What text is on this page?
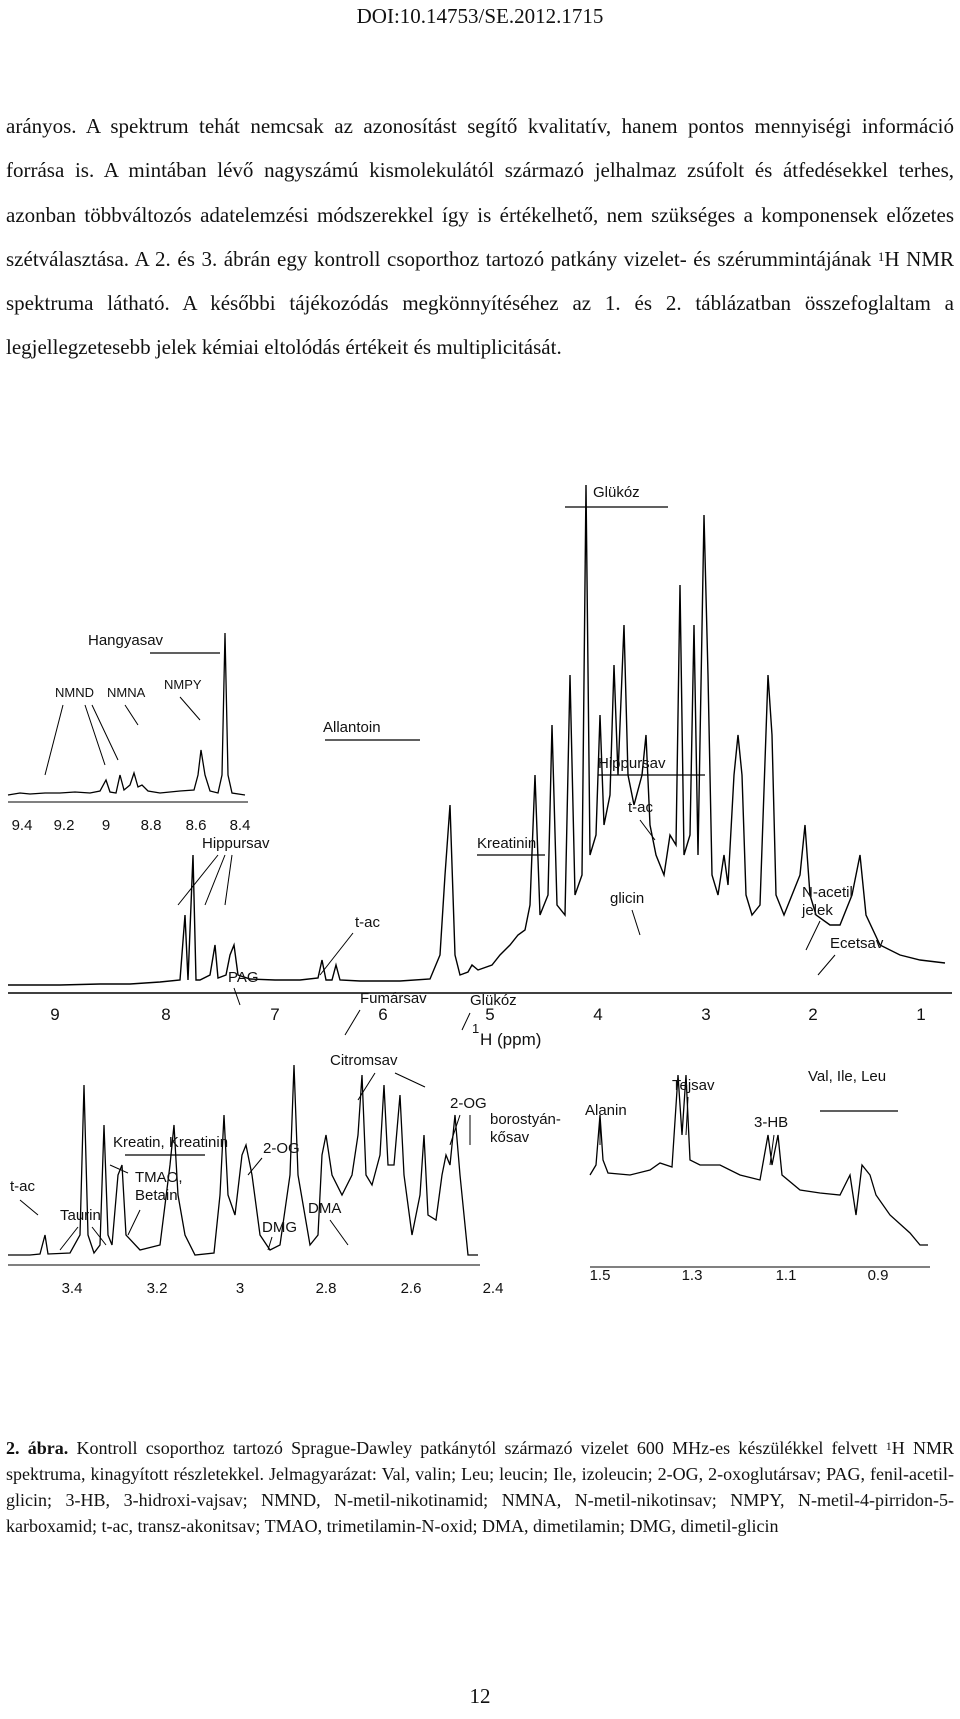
DOI:10.14753/SE.2012.1715

arányos. A spektrum tehát nemcsak az azonosítást segítő kvalitatív, hanem pontos mennyiségi információ forrása is. A mintában lévő nagyszámú kismolekulától származó jelhalmaz zsúfolt és átfedésekkel terhes, azonban többváltozós adatelemzési módszerekkel így is értékelhető, nem szükséges a komponensek előzetes szétválasztása. A 2. és 3. ábrán egy kontroll csoporthoz tartozó patkány vizelet- és szérummintájának $^1$H NMR spektruma látható. A későbbi tájékozódás megkönnyítéséhez az 1. és 2. táblázatban összefoglaltam a legjellegzetesebb jelek kémiai eltolódás értékeit és multiplicitását.

9	8	7	6	5	4	3	2	1
1
H (ppm)
9.4 9.2 9 8.8 8.6 8.4
Glükóz
Hangyasav
NMND NMNA
NMPY
Allantoin
Hippursav
t-ac
Kreatinin
Hippursav
glicin	N-acetil
jelek
t-ac
Ecetsav
PAG
Fumársav	Glükóz
3.4	3.2	3	2.8	2.6	2.4
Citromsav
2-OG
borostyán-
kősav
Kreatin, Kreatinin 2-OG
TMAO,
Betain
t-ac
Taurin	DMA
DMG
1.5	1.3	1.1	0.9
Tejsav
Val, Ile, Leu
Alanin
3-HB

2. ábra. Kontroll csoporthoz tartozó Sprague-Dawley patkánytól származó vizelet 600 MHz-es készülékkel felvett $^1$H NMR spektruma, kinagyított részletekkel. Jelmagyarázat: Val, valin; Leu; leucin; Ile, izoleucin; 2-OG, 2-oxoglutársav; PAG, fenil-acetil-glicin; 3-HB, 3-hidroxi-vajsav; NMND, N-metil-nikotinamid; NMNA, N-metil-nikotinsav; NMPY, N-metil-4-pirridon-5-karboxamid; t-ac, transz-akonitsav; TMAO, trimetilamin-N-oxid; DMA, dimetilamin; DMG, dimetil-glicin

12
